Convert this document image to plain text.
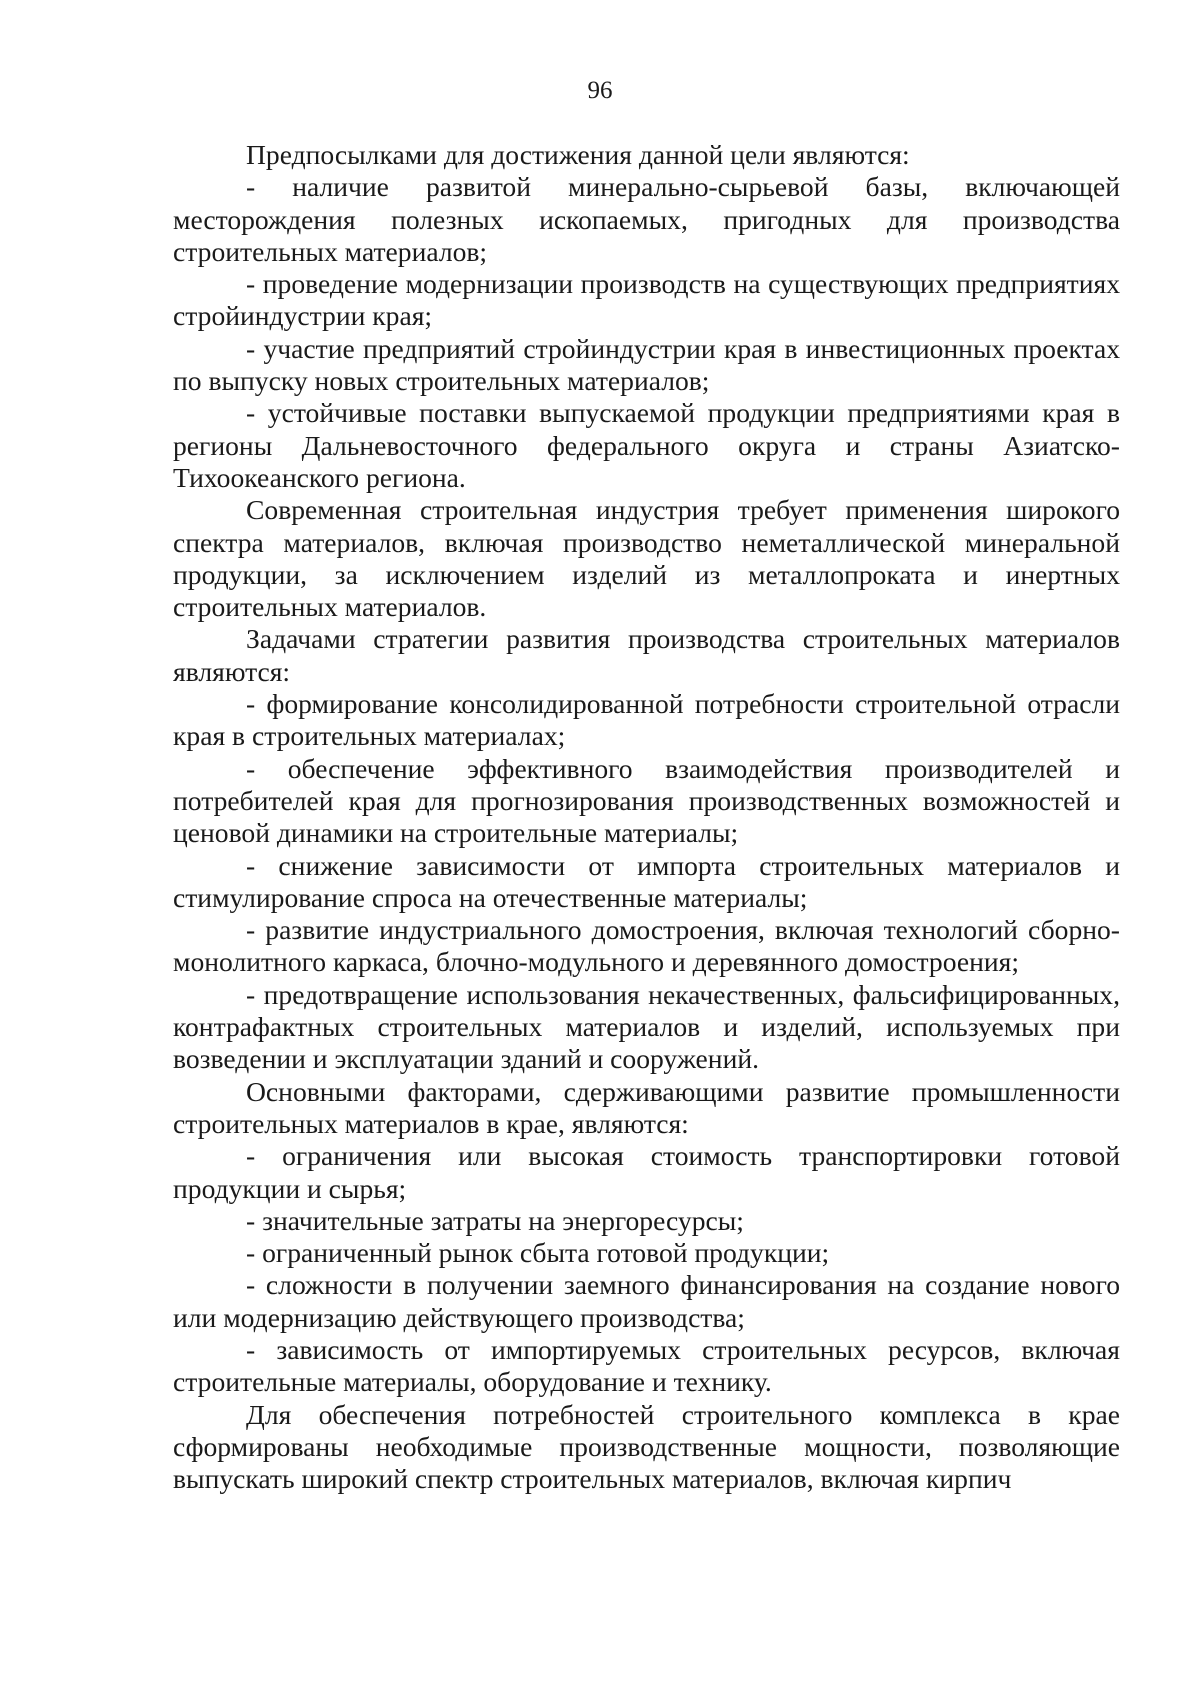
96

Предпосылками для достижения данной цели являются:

- наличие развитой минерально-сырьевой базы, включающей месторождения полезных ископаемых, пригодных для производства строительных материалов;

- проведение модернизации производств на существующих предприятиях стройиндустрии края;

- участие предприятий стройиндустрии края в инвестиционных проектах по выпуску новых строительных материалов;

- устойчивые поставки выпускаемой продукции предприятиями края в регионы Дальневосточного федерального округа и страны Азиатско-Тихоокеанского региона.

Современная строительная индустрия требует применения широкого спектра материалов, включая производство неметаллической минеральной продукции, за исключением изделий из металлопроката и инертных строительных материалов.

Задачами стратегии развития производства строительных материалов являются:

- формирование консолидированной потребности строительной отрасли края в строительных материалах;

- обеспечение эффективного взаимодействия производителей и потребителей края для прогнозирования производственных возможностей и ценовой динамики на строительные материалы;

- снижение зависимости от импорта строительных материалов и стимулирование спроса на отечественные материалы;

- развитие индустриального домостроения, включая технологий сборно-монолитного каркаса, блочно-модульного и деревянного домостроения;

- предотвращение использования некачественных, фальсифицированных, контрафактных строительных материалов и изделий, используемых при возведении и эксплуатации зданий и сооружений.

Основными факторами, сдерживающими развитие промышленности строительных материалов в крае, являются:

- ограничения или высокая стоимость транспортировки готовой продукции и сырья;

- значительные затраты на энергоресурсы;

- ограниченный рынок сбыта готовой продукции;

- сложности в получении заемного финансирования на создание нового или модернизацию действующего производства;

- зависимость от импортируемых строительных ресурсов, включая строительные материалы, оборудование и технику.

Для обеспечения потребностей строительного комплекса в крае сформированы необходимые производственные мощности, позволяющие выпускать широкий спектр строительных материалов, включая кирпич
